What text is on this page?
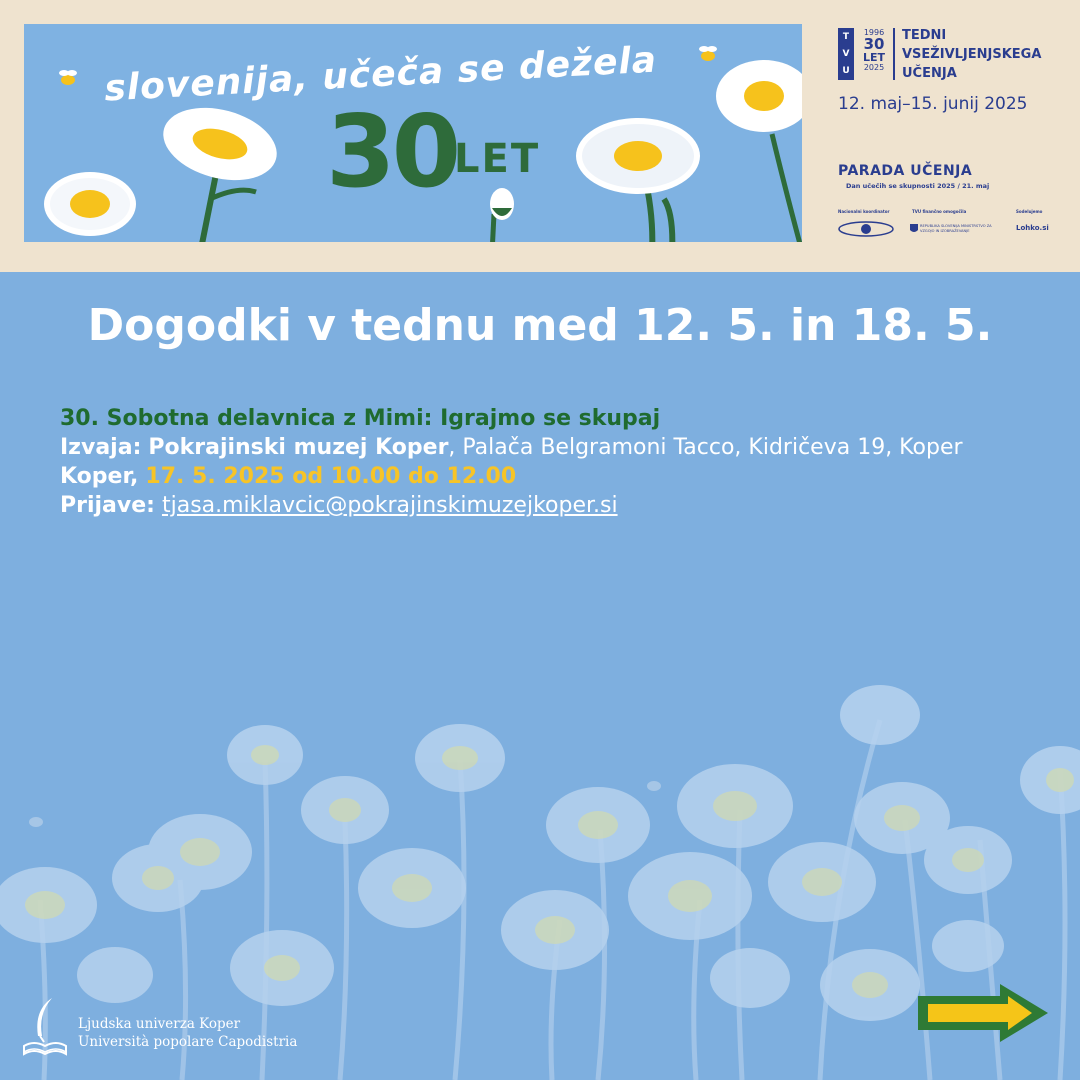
slovenija, učeča se dežela
30
LET
T
V
U
1996
30
LET
2025
TEDNI
VSEŽIVLJENJSKEGA
UČENJA
12. maj–15. junij 2025
PARADA UČENJA
Dan učečih se skupnosti 2025 / 21. maj
Nacionalni koordinator	TVU finančno omogočila
REPUBLIKA SLOVENIJA MINISTRSTVO ZA VZGOJO IN IZOBRAŽEVANJE
Sodelujemo
Lohko.si
Dogodki v tednu med 12. 5. in 18. 5.
30. Sobotna delavnica z Mimi: Igrajmo se skupaj
Izvaja: Pokrajinski muzej Koper, Palača Belgramoni Tacco, Kidričeva 19, Koper
Koper, 17. 5. 2025 od 10.00 do 12.00
Prijave: tjasa.miklavcic@pokrajinskimuzejkoper.si
Ljudska univerza Koper
Università popolare Capodistria
